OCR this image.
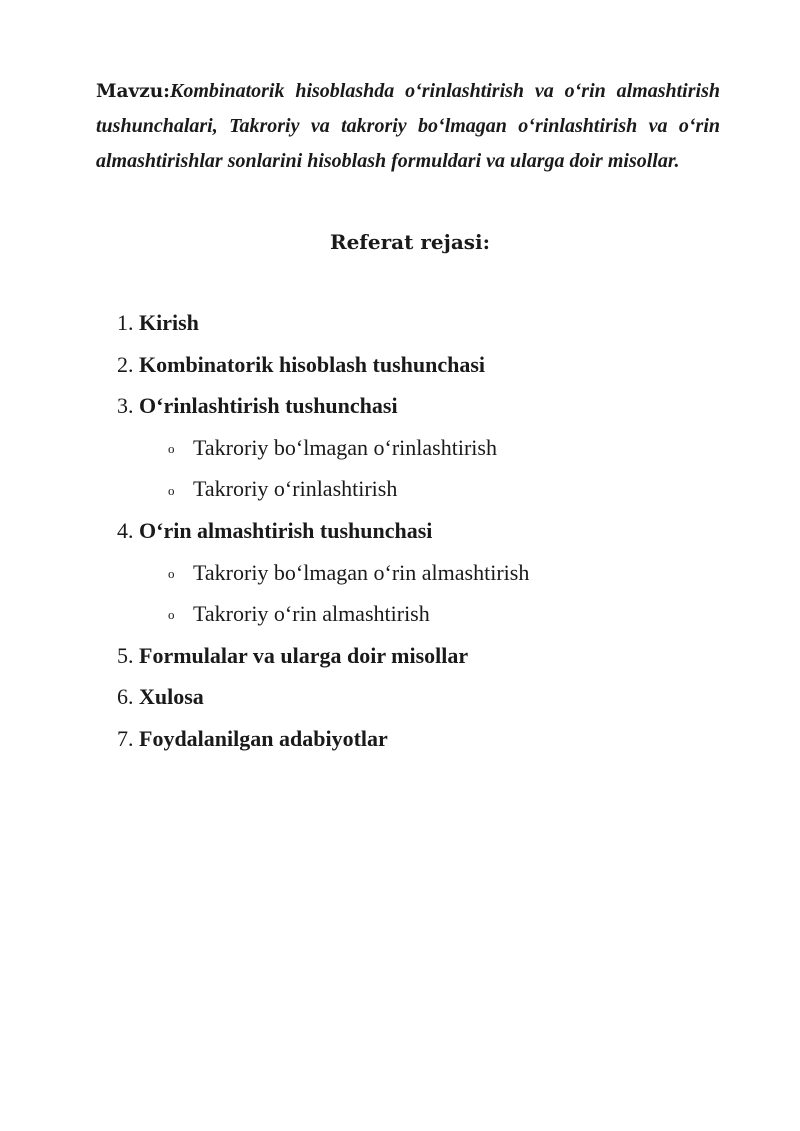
Mavzu:Kombinatorik hisoblashda o‘rinlashtirish va o‘rin almashtirish tushunchalari, Takroriy va takroriy bo‘lmagan o‘rinlashtirish va o‘rin almashtirishlar sonlarini hisoblash formuldari va ularga doir misollar.

Referat rejasi:
1. Kirish
2. Kombinatorik hisoblash tushunchasi
3. O‘rinlashtirish tushunchasi
o Takroriy bo‘lmagan o‘rinlashtirish
o Takroriy o‘rinlashtirish
4. O‘rin almashtirish tushunchasi
o Takroriy bo‘lmagan o‘rin almashtirish
o Takroriy o‘rin almashtirish
5. Formulalar va ularga doir misollar
6. Xulosa
7. Foydalanilgan adabiyotlar
